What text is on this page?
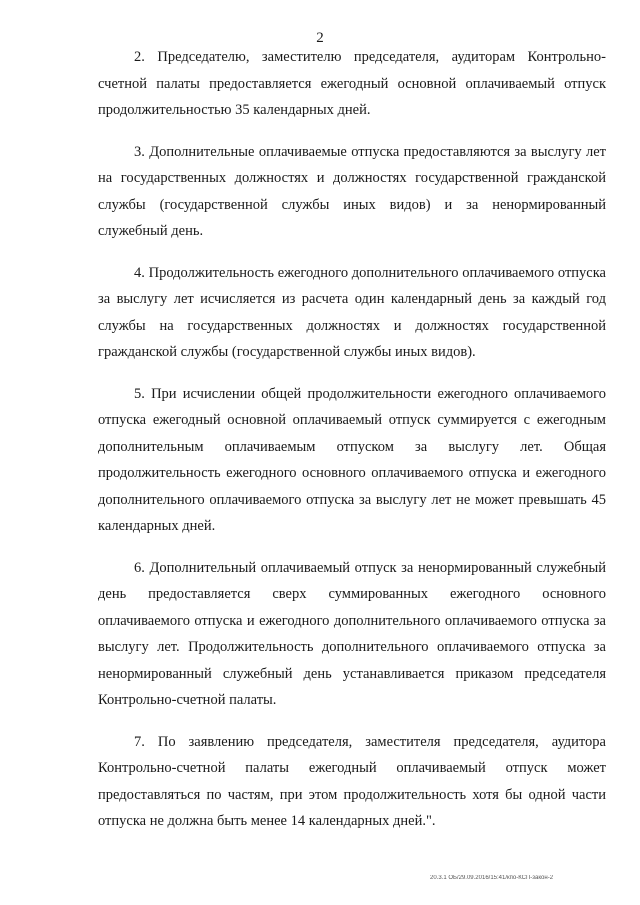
2

2. Председателю, заместителю председателя, аудиторам Контрольно-счетной палаты предоставляется ежегодный основной оплачиваемый отпуск продолжительностью 35 календарных дней.

3. Дополнительные оплачиваемые отпуска предоставляются за выслугу лет на государственных должностях и должностях государственной гражданской службы (государственной службы иных видов) и за ненормированный служебный день.

4. Продолжительность ежегодного дополнительного оплачиваемого отпуска за выслугу лет исчисляется из расчета один календарный день за каждый год службы на государственных должностях и должностях государственной гражданской службы (государственной службы иных видов).

5. При исчислении общей продолжительности ежегодного оплачиваемого отпуска ежегодный основной оплачиваемый отпуск суммируется с ежегодным дополнительным оплачиваемым отпуском за выслугу лет. Общая продолжительность ежегодного основного оплачиваемого отпуска и ежегодного дополнительного оплачиваемого отпуска за выслугу лет не может превышать 45 календарных дней.

6. Дополнительный оплачиваемый отпуск за ненормированный служебный день предоставляется сверх суммированных ежегодного основного оплачиваемого отпуска и ежегодного дополнительного оплачиваемого отпуска за выслугу лет. Продолжительность дополнительного оплачиваемого отпуска за ненормированный служебный день устанавливается приказом председателя Контрольно-счетной палаты.

7. По заявлению председателя, заместителя председателя, аудитора Контрольно-счетной палаты ежегодный оплачиваемый отпуск может предоставляться по частям, при этом продолжительность хотя бы одной части отпуска не должна быть менее 14 календарных дней.".

20.3.1 ОБ/29.09.2016/15:41/кпо-КСП-закон-2
